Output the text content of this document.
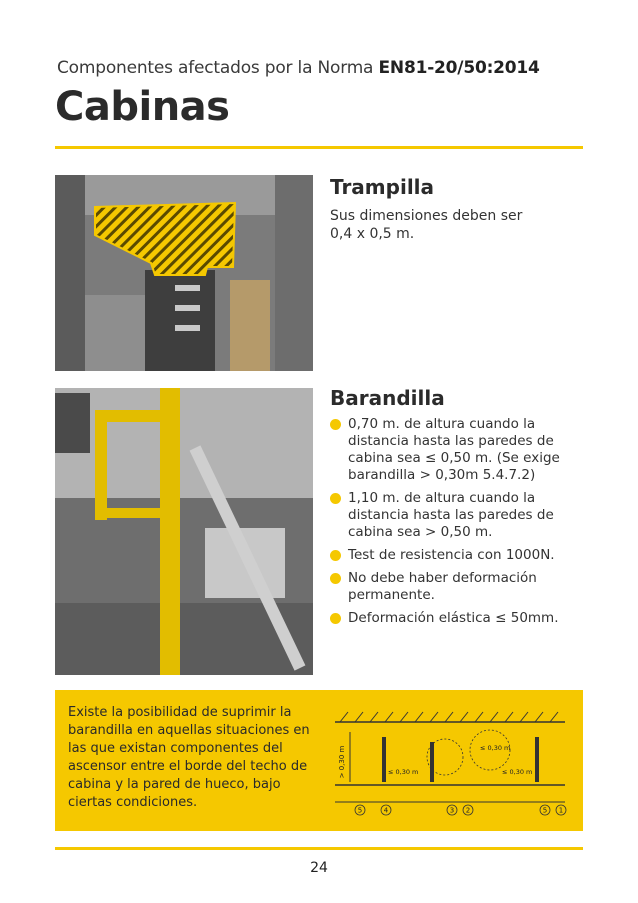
Componentes afectados por la Norma EN81-20/50:2014
Cabinas
Trampilla
Sus dimensiones deben ser
0,4 x 0,5 m.
Barandilla
0,70 m. de altura cuando la distancia hasta las paredes de cabina sea ≤ 0,50 m. (Se exige barandilla > 0,30m 5.4.7.2)
1,10 m. de altura cuando la distancia hasta las paredes de cabina sea > 0,50 m.
Test de resistencia con 1000N.
No debe haber deformación permanente.
Deformación elástica ≤ 50mm.
Existe la posibilidad de suprimir la barandilla en aquellas situaciones en las que existan componentes del ascensor entre el borde del techo de cabina y la pared de hueco, bajo ciertas condiciones.
> 0,30 m	≤ 0,30 m
≤ 0,30 m
≤ 0,30 m
5	4	3 2	5 1
24
